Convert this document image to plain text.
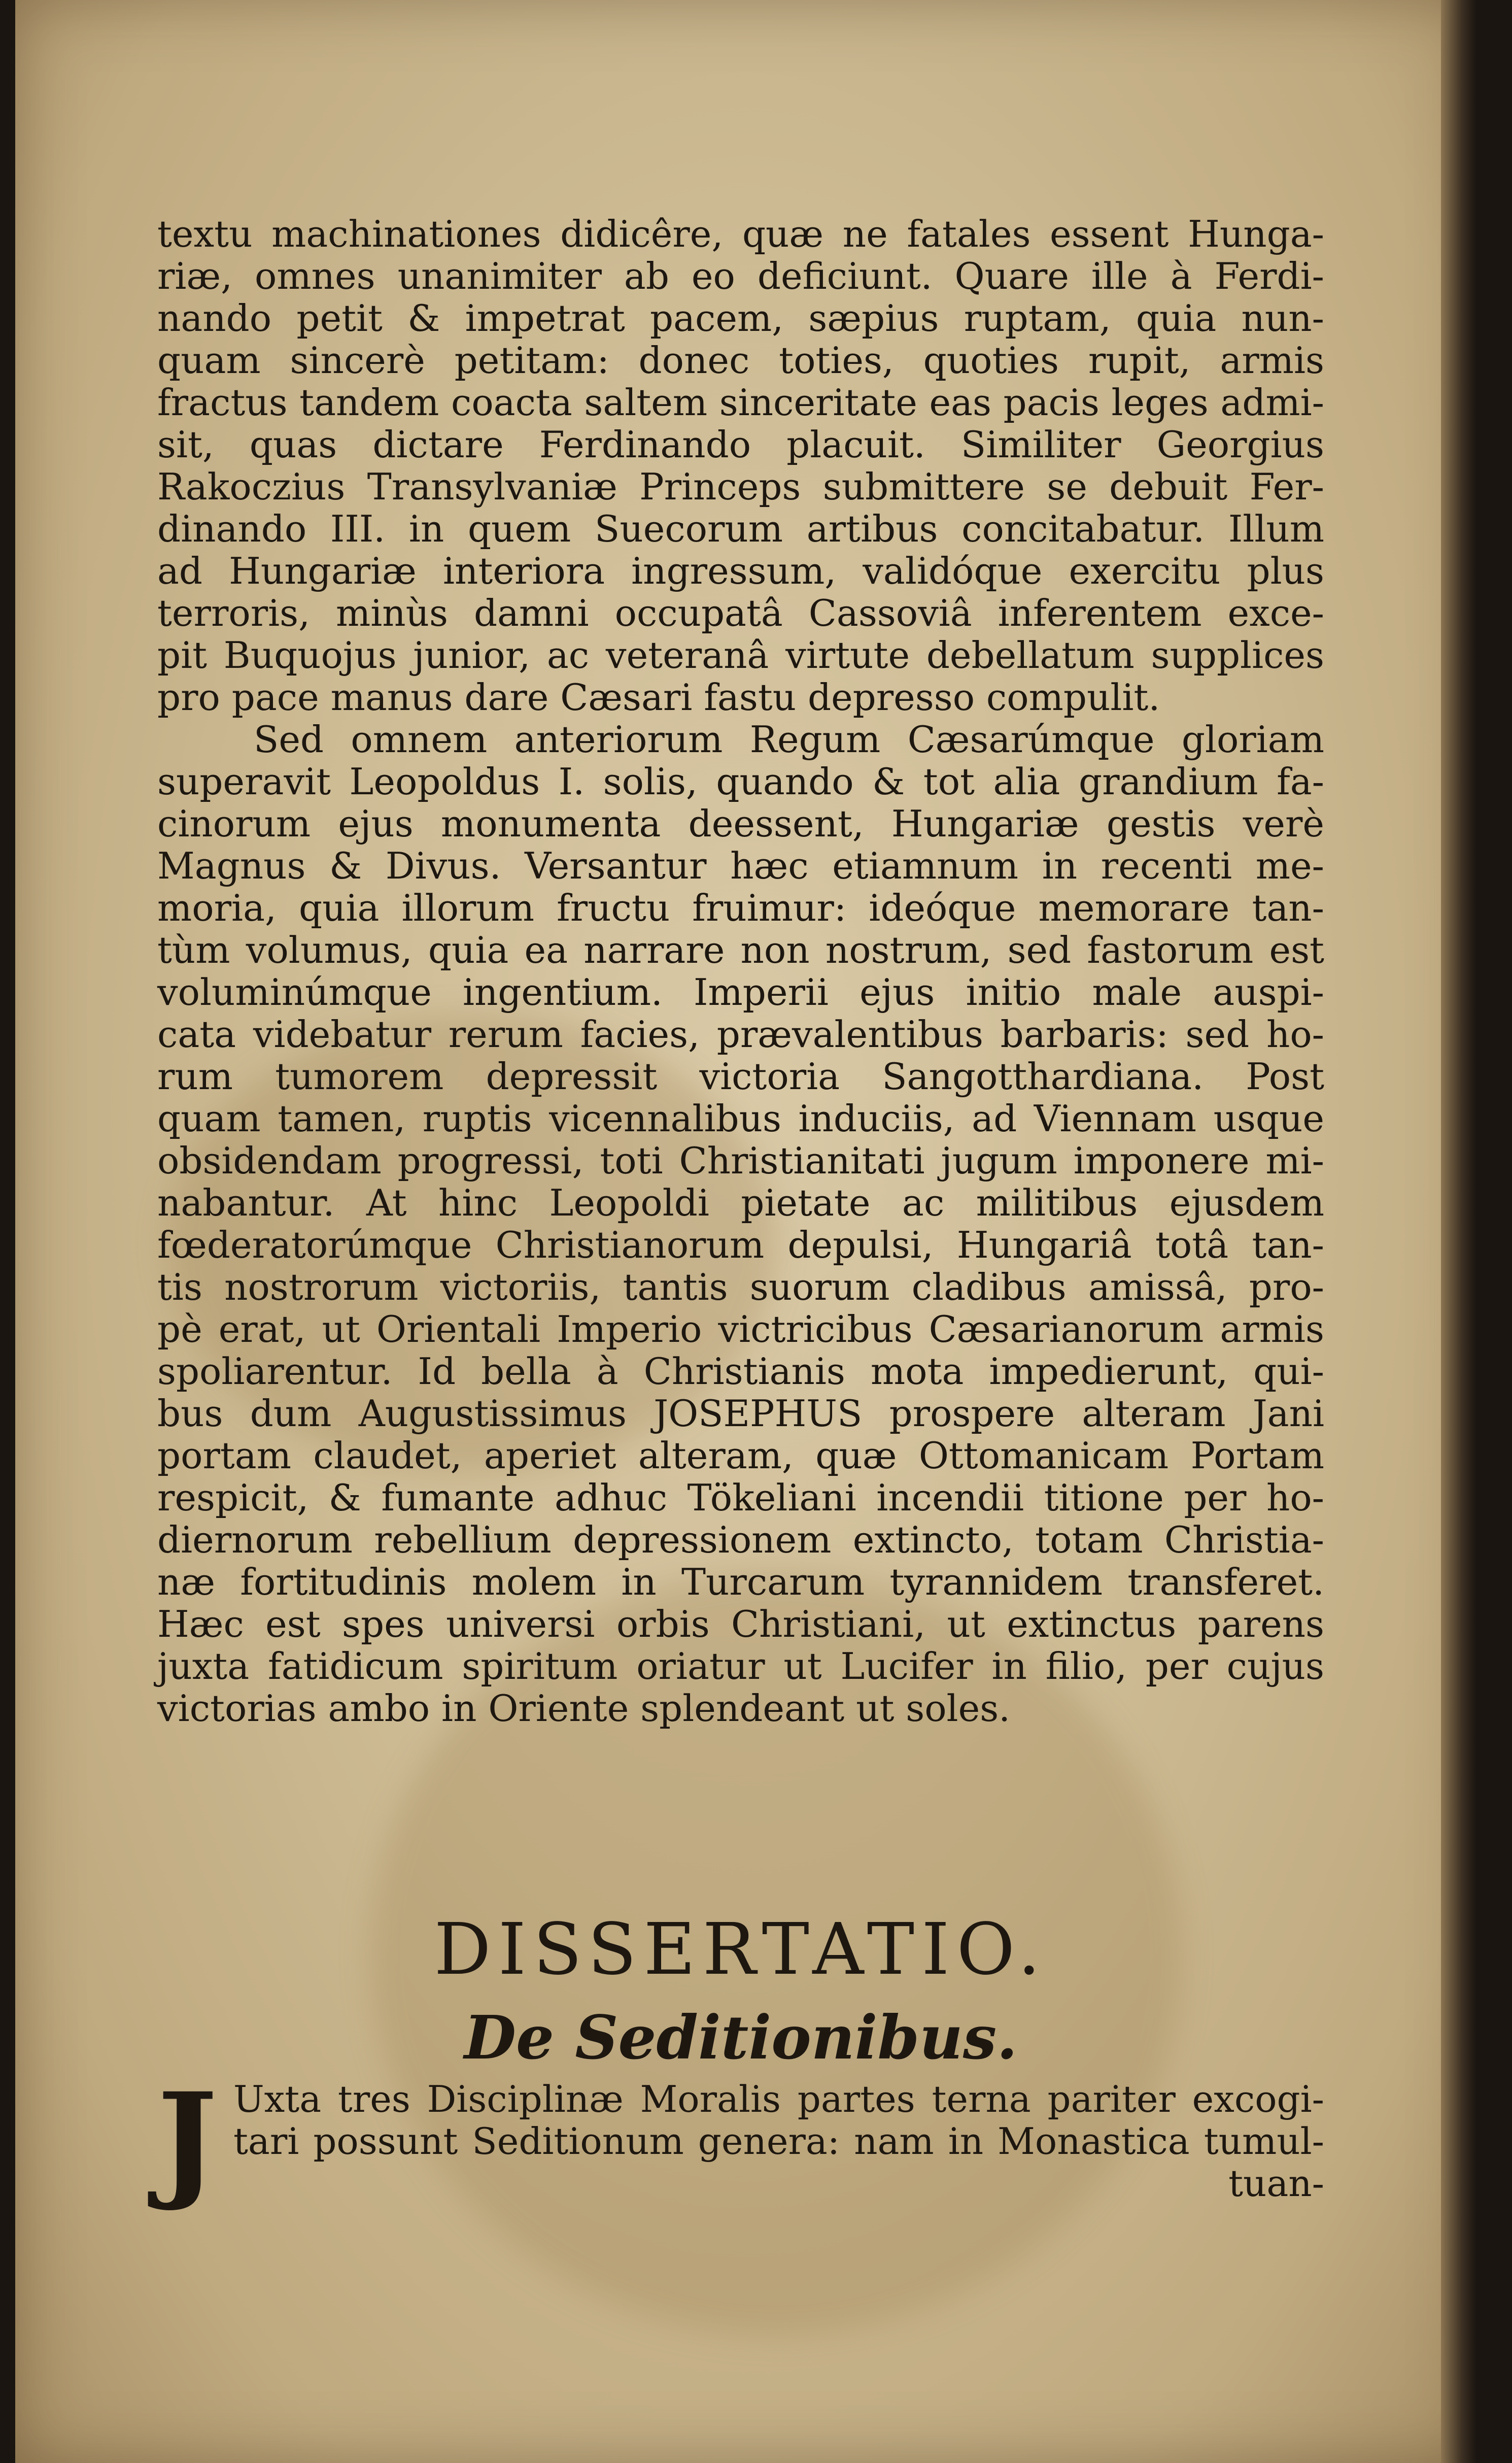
textu machinationes didicêre, quæ ne fatales essent Hunga-
riæ, omnes unanimiter ab eo deficiunt. Quare ille à Ferdi-
nando petit & impetrat pacem, sæpius ruptam, quia nun-
quam sincerè petitam: donec toties, quoties rupit, armis
fractus tandem coacta saltem sinceritate eas pacis leges admi-
sit, quas dictare Ferdinando placuit. Similiter Georgius
Rakoczius Transylvaniæ Princeps submittere se debuit Fer-
dinando III. in quem Suecorum artibus concitabatur. Illum
ad Hungariæ interiora ingressum, validóque exercitu plus
terroris, minùs damni occupatâ Cassoviâ inferentem exce-
pit Buquojus junior, ac veteranâ virtute debellatum supplices
pro pace manus dare Cæsari fastu depresso compulit.
Sed omnem anteriorum Regum Cæsarúmque gloriam
superavit Leopoldus I. solis, quando & tot alia grandium fa-
cinorum ejus monumenta deessent, Hungariæ gestis verè
Magnus & Divus. Versantur hæc etiamnum in recenti me-
moria, quia illorum fructu fruimur: ideóque memorare tan-
tùm volumus, quia ea narrare non nostrum, sed fastorum est
voluminúmque ingentium. Imperii ejus initio male auspi-
cata videbatur rerum facies, prævalentibus barbaris: sed ho-
rum tumorem depressit victoria Sangotthardiana. Post
quam tamen, ruptis vicennalibus induciis, ad Viennam usque
obsidendam progressi, toti Christianitati jugum imponere mi-
nabantur. At hinc Leopoldi pietate ac militibus ejusdem
fœderatorúmque Christianorum depulsi, Hungariâ totâ tan-
tis nostrorum victoriis, tantis suorum cladibus amissâ, pro-
pè erat, ut Orientali Imperio victricibus Cæsarianorum armis
spoliarentur. Id bella à Christianis mota impedierunt, qui-
bus dum Augustissimus JOSEPHUS prospere alteram Jani
portam claudet, aperiet alteram, quæ Ottomanicam Portam
respicit, & fumante adhuc Tökeliani incendii titione per ho-
diernorum rebellium depressionem extincto, totam Christia-
næ fortitudinis molem in Turcarum tyrannidem transferet.
Hæc est spes universi orbis Christiani, ut extinctus parens
juxta fatidicum spiritum oriatur ut Lucifer in filio, per cujus
victorias ambo in Oriente splendeant ut soles.
DISSERTATIO.
De Seditionibus.
J Uxta tres Disciplinæ Moralis partes terna pariter excogi-
tari possunt Seditionum genera: nam in Monastica tumul-
tuan-
